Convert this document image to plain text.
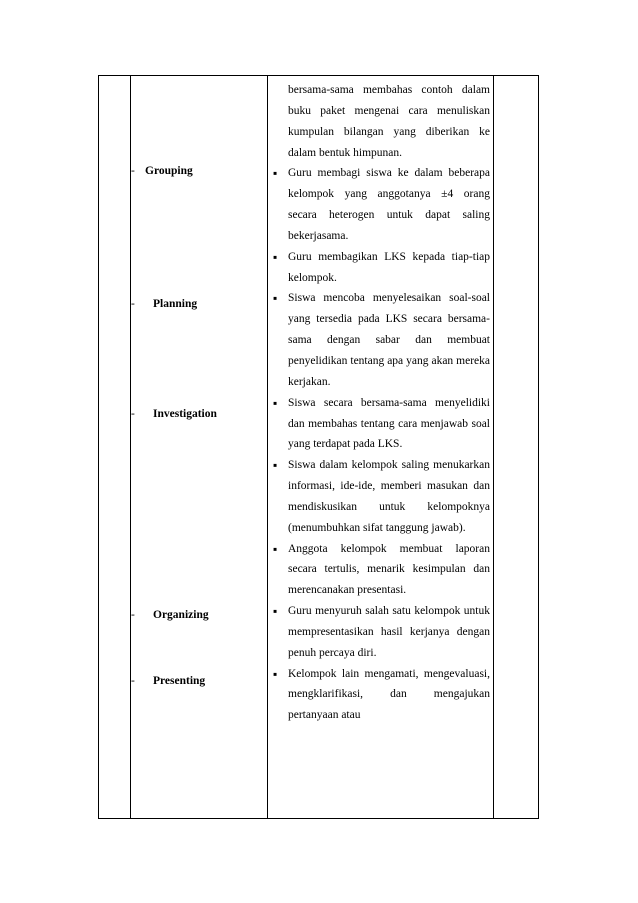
- Grouping
- Planning
- Investigation
- Organizing
- Presenting
bersama-sama membahas contoh dalam buku paket mengenai cara menuliskan kumpulan bilangan yang diberikan ke dalam bentuk himpunan.
▪ Guru membagi siswa ke dalam beberapa kelompok yang anggotanya ±4 orang secara heterogen untuk dapat saling bekerjasama.
▪ Guru membagikan LKS kepada tiap-tiap kelompok.
▪ Siswa mencoba menyelesaikan soal-soal yang tersedia pada LKS secara bersama-sama dengan sabar dan membuat penyelidikan tentang apa yang akan mereka kerjakan.
▪ Siswa secara bersama-sama menyelidiki dan membahas tentang cara menjawab soal yang terdapat pada LKS.
▪ Siswa dalam kelompok saling menukarkan informasi, ide-ide, memberi masukan dan mendiskusikan untuk kelompoknya (menumbuhkan sifat tanggung jawab).
▪ Anggota kelompok membuat laporan secara tertulis, menarik kesimpulan dan merencanakan presentasi.
▪ Guru menyuruh salah satu kelompok untuk mempresentasikan hasil kerjanya dengan penuh percaya diri.
▪ Kelompok lain mengamati, mengevaluasi, mengklarifikasi, dan mengajukan pertanyaan atau
